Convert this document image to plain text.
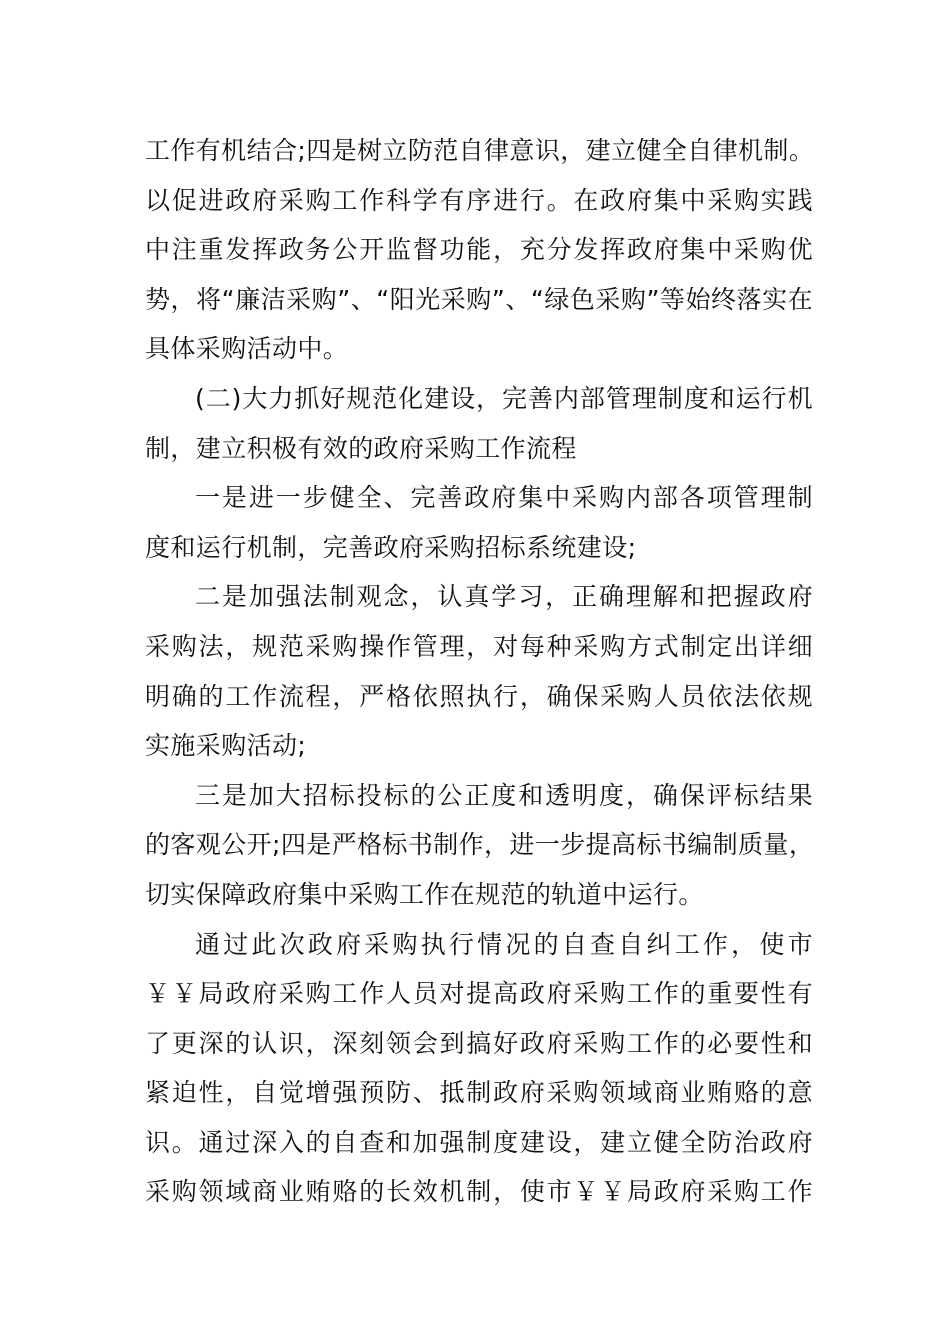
工作有机结合;四是树立防范自律意识，建立健全自律机制。
以促进政府采购工作科学有序进行。在政府集中采购实践
中注重发挥政务公开监督功能，充分发挥政府集中采购优
势，将“廉洁采购”、“阳光采购”、“绿色采购”等始终落实在
具体采购活动中。
(二)大力抓好规范化建设，完善内部管理制度和运行机
制，建立积极有效的政府采购工作流程
一是进一步健全、完善政府集中采购内部各项管理制
度和运行机制，完善政府采购招标系统建设;
二是加强法制观念，认真学习，正确理解和把握政府
采购法，规范采购操作管理，对每种采购方式制定出详细
明确的工作流程，严格依照执行，确保采购人员依法依规
实施采购活动;
三是加大招标投标的公正度和透明度，确保评标结果
的客观公开;四是严格标书制作，进一步提高标书编制质量，
切实保障政府集中采购工作在规范的轨道中运行。
通过此次政府采购执行情况的自查自纠工作，使市
￥￥局政府采购工作人员对提高政府采购工作的重要性有
了更深的认识，深刻领会到搞好政府采购工作的必要性和
紧迫性，自觉增强预防、抵制政府采购领域商业贿赂的意
识。通过深入的自查和加强制度建设，建立健全防治政府
采购领域商业贿赂的长效机制，使市￥￥局政府采购工作
